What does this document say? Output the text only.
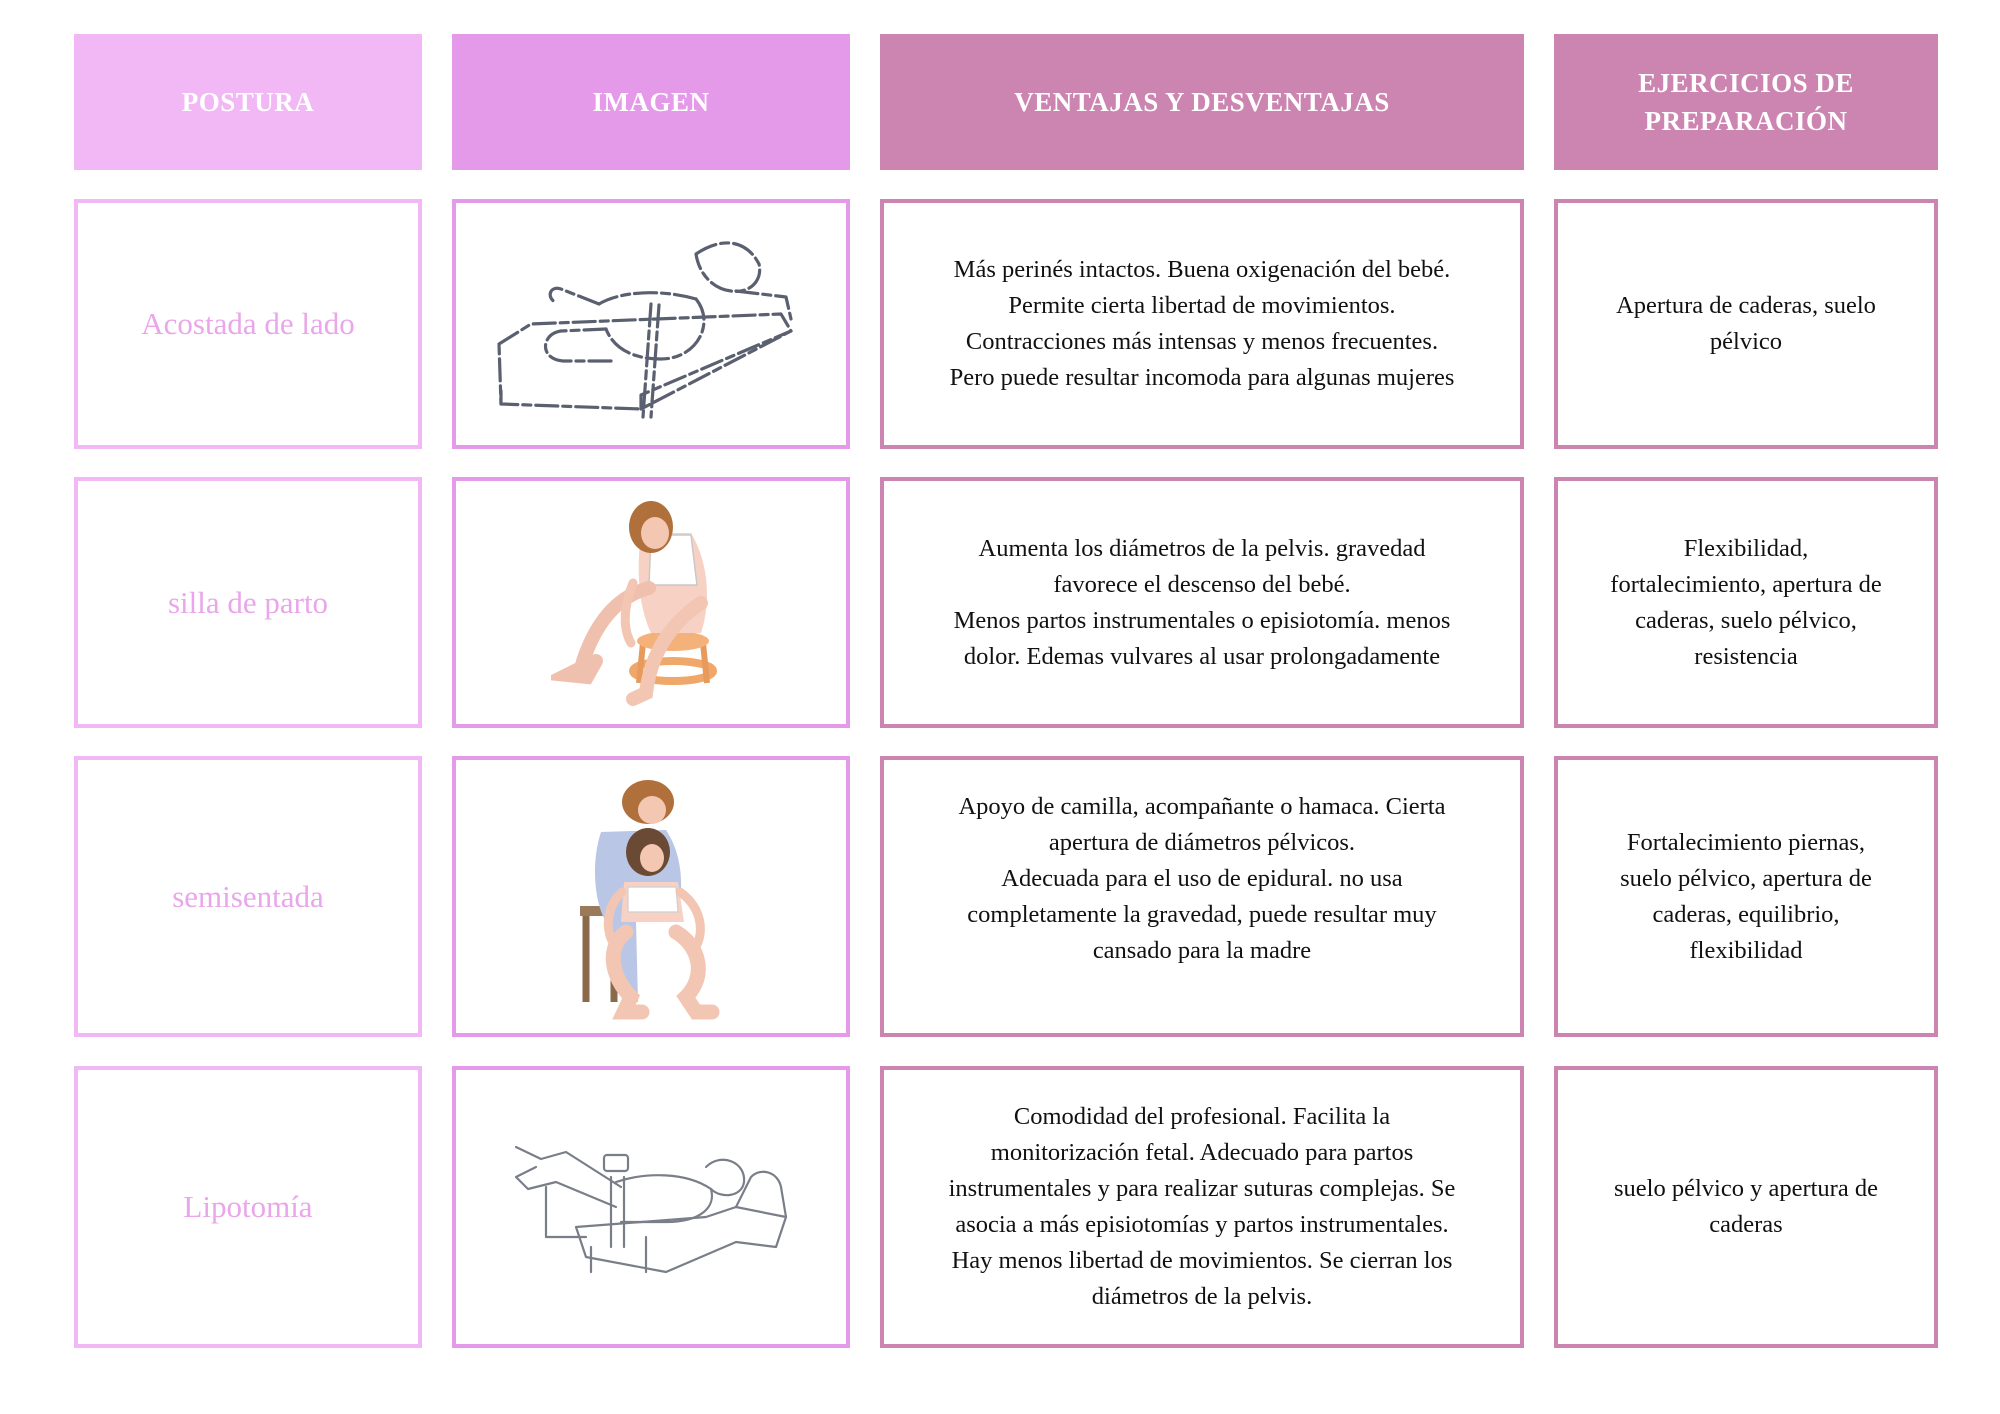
POSTURA	IMAGEN	VENTAJAS Y DESVENTAJAS
EJERCICIOS DE
PREPARACIÓN
Acostada de lado
Más perinés intactos. Buena oxigenación del bebé.
Permite cierta libertad de movimientos.
Contracciones más intensas y menos frecuentes.
Pero puede resultar incomoda para algunas mujeres
Apertura de caderas, suelo
pélvico
silla de parto
Aumenta los diámetros de la pelvis. gravedad
favorece el descenso del bebé.
Menos partos instrumentales o episiotomía. menos
dolor. Edemas vulvares al usar prolongadamente
Flexibilidad,
fortalecimiento, apertura de
caderas, suelo pélvico,
resistencia
semisentada
Apoyo de camilla, acompañante o hamaca. Cierta
apertura de diámetros pélvicos.
Adecuada para el uso de epidural. no usa
completamente la gravedad, puede resultar muy
cansado para la madre
Fortalecimiento piernas,
suelo pélvico, apertura de
caderas, equilibrio,
flexibilidad
Lipotomía
Comodidad del profesional. Facilita la
monitorización fetal. Adecuado para partos
instrumentales y para realizar suturas complejas. Se
asocia a más episiotomías y partos instrumentales.
Hay menos libertad de movimientos. Se cierran los
diámetros de la pelvis.
suelo pélvico y apertura de
caderas
